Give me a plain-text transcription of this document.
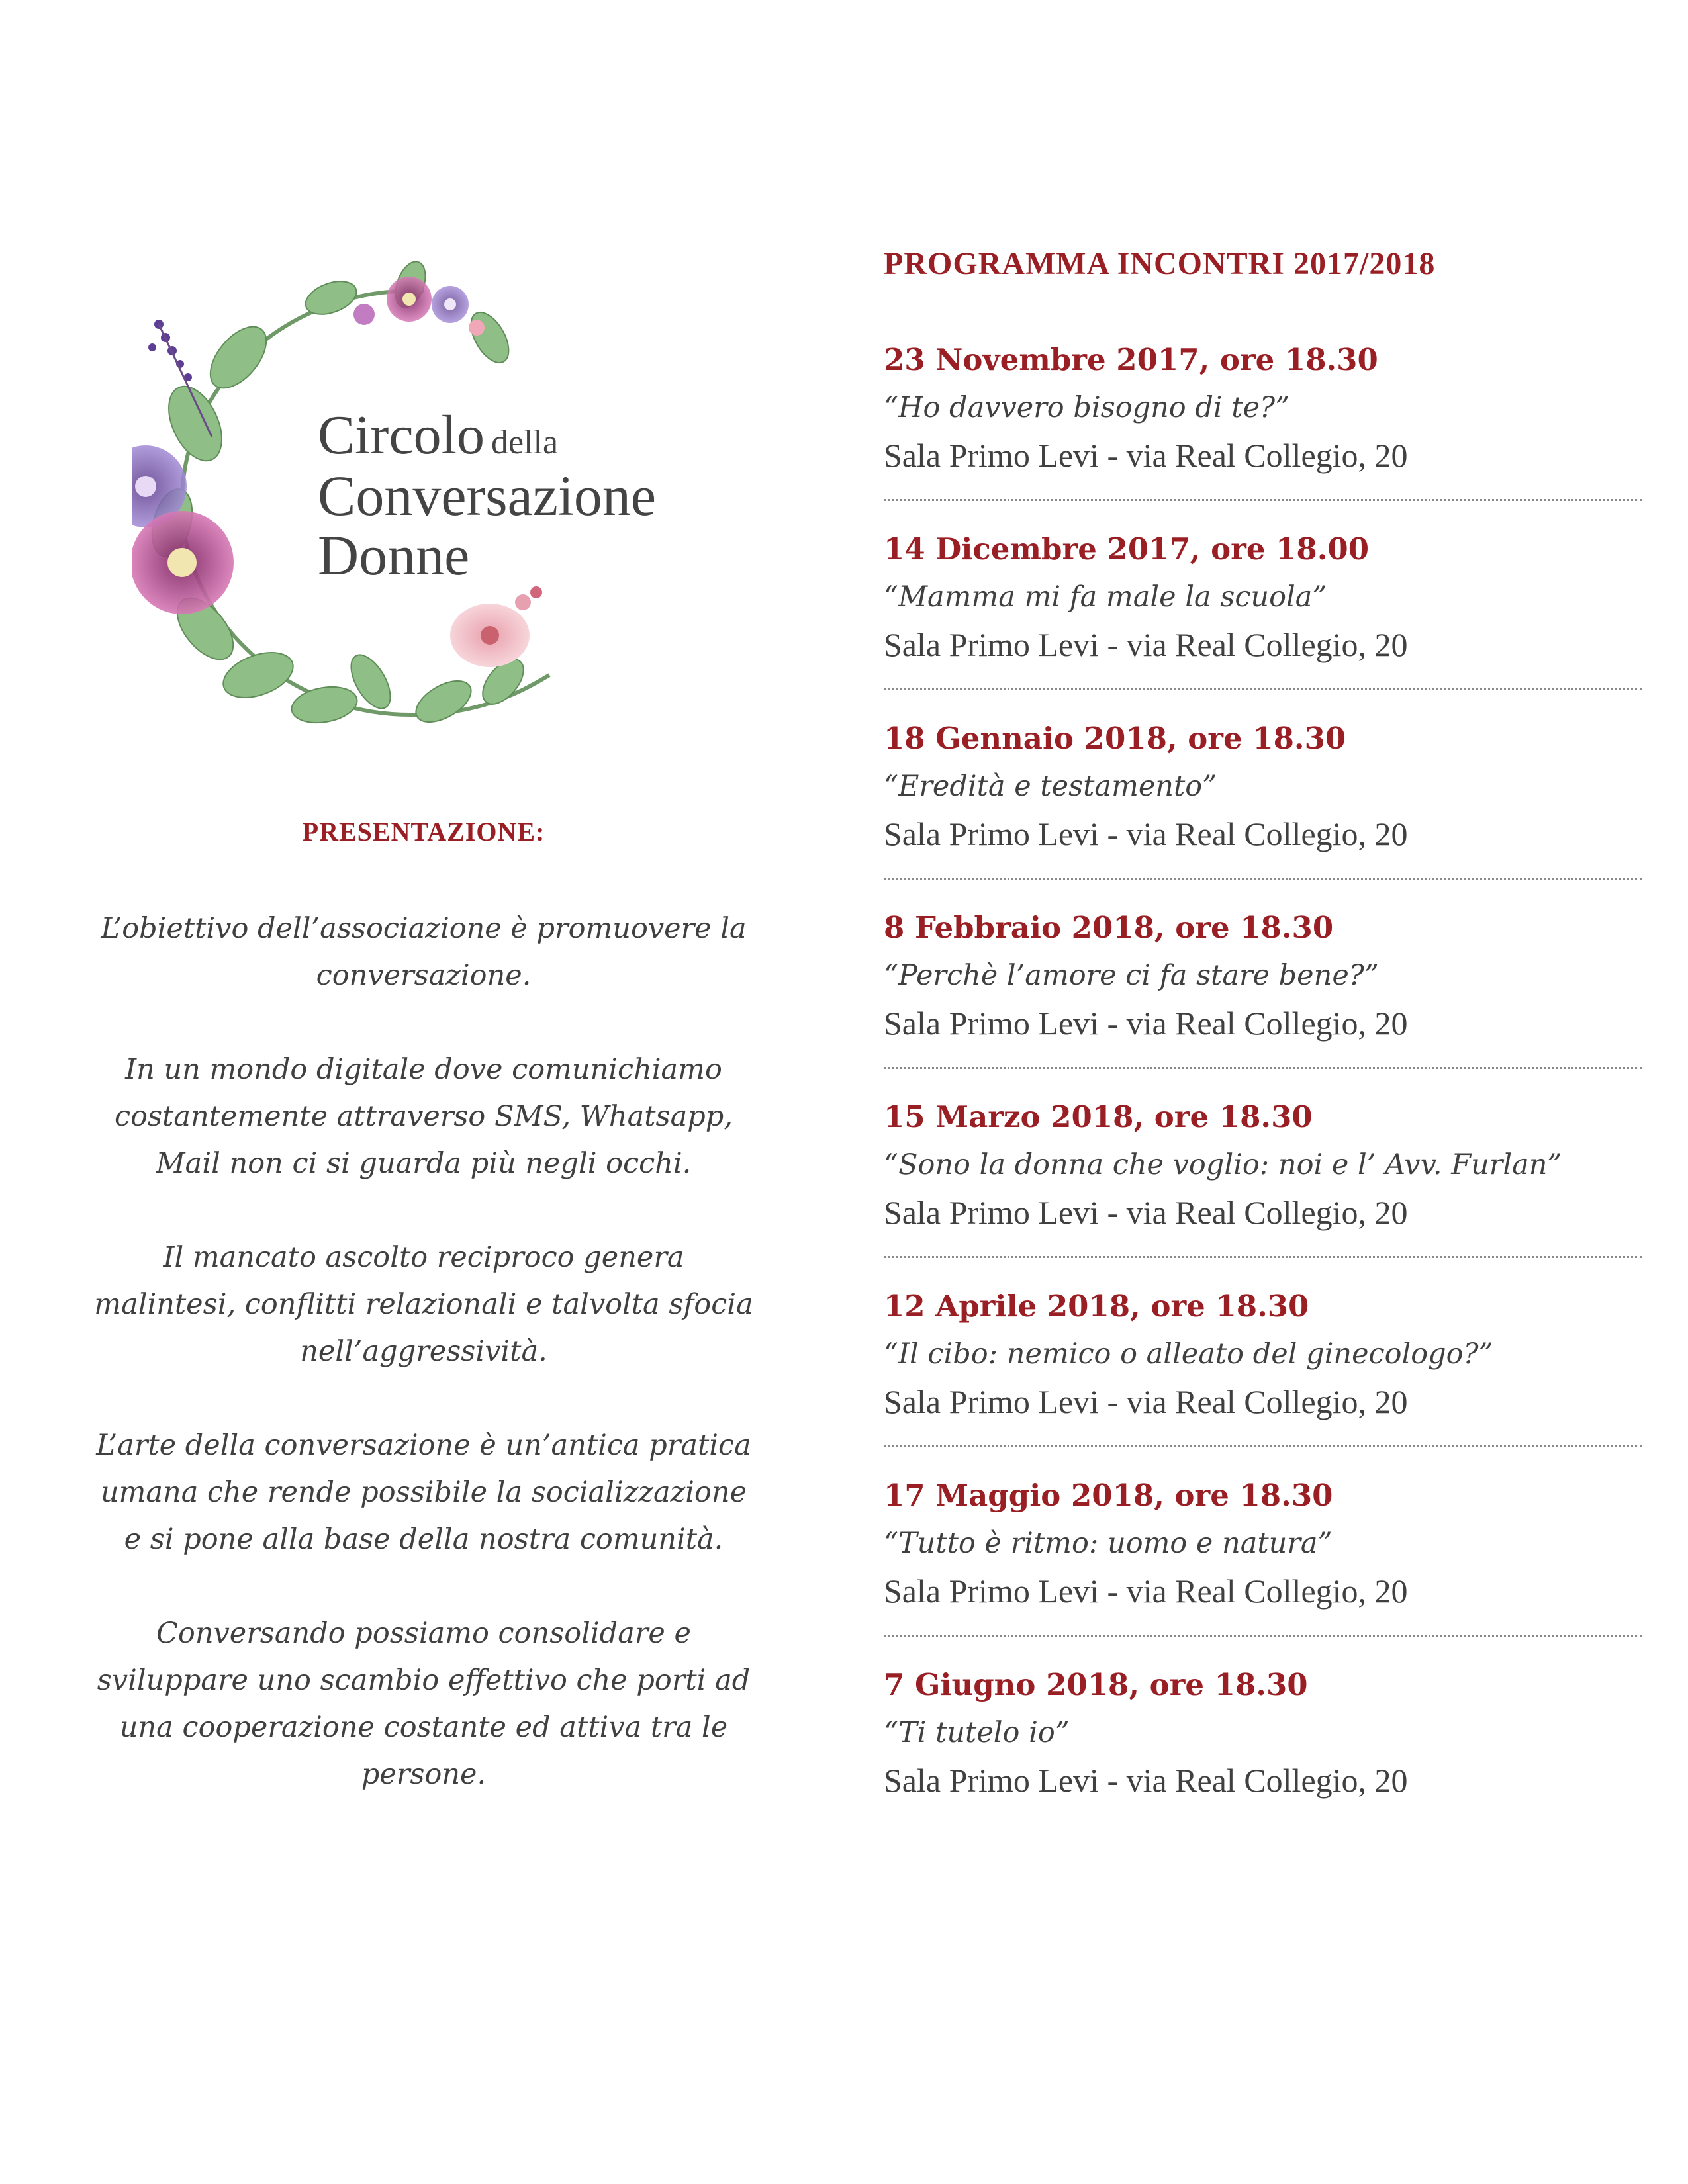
Circolo della
Conversazione
Donne
PRESENTAZIONE:

L’obiettivo dell’associazione è promuovere la
conversazione.

In un mondo digitale dove comunichiamo
costantemente attraverso SMS, Whatsapp,
Mail non ci si guarda più negli occhi.

Il mancato ascolto reciproco genera
malintesi, conflitti relazionali e talvolta sfocia
nell’aggressività.

L’arte della conversazione è un’antica pratica
umana che rende possibile la socializzazione
e si pone alla base della nostra comunità.

Conversando possiamo consolidare e
sviluppare uno scambio effettivo che porti ad
una cooperazione costante ed attiva tra le
persone.

PROGRAMMA INCONTRI 2017/2018
23 Novembre 2017, ore 18.30
“Ho davvero bisogno di te?”
Sala Primo Levi - via Real Collegio, 20
14 Dicembre 2017, ore 18.00
“Mamma mi fa male la scuola”
Sala Primo Levi - via Real Collegio, 20
18 Gennaio 2018, ore 18.30
“Eredità e testamento”
Sala Primo Levi - via Real Collegio, 20
8 Febbraio 2018, ore 18.30
“Perchè l’amore ci fa stare bene?”
Sala Primo Levi - via Real Collegio, 20
15 Marzo 2018, ore 18.30
“Sono la donna che voglio: noi e l’ Avv. Furlan”
Sala Primo Levi - via Real Collegio, 20
12 Aprile 2018, ore 18.30
“Il cibo: nemico o alleato del ginecologo?”
Sala Primo Levi - via Real Collegio, 20
17 Maggio 2018, ore 18.30
“Tutto è ritmo: uomo e natura”
Sala Primo Levi - via Real Collegio, 20
7 Giugno 2018, ore 18.30
“Ti tutelo io”
Sala Primo Levi - via Real Collegio, 20
